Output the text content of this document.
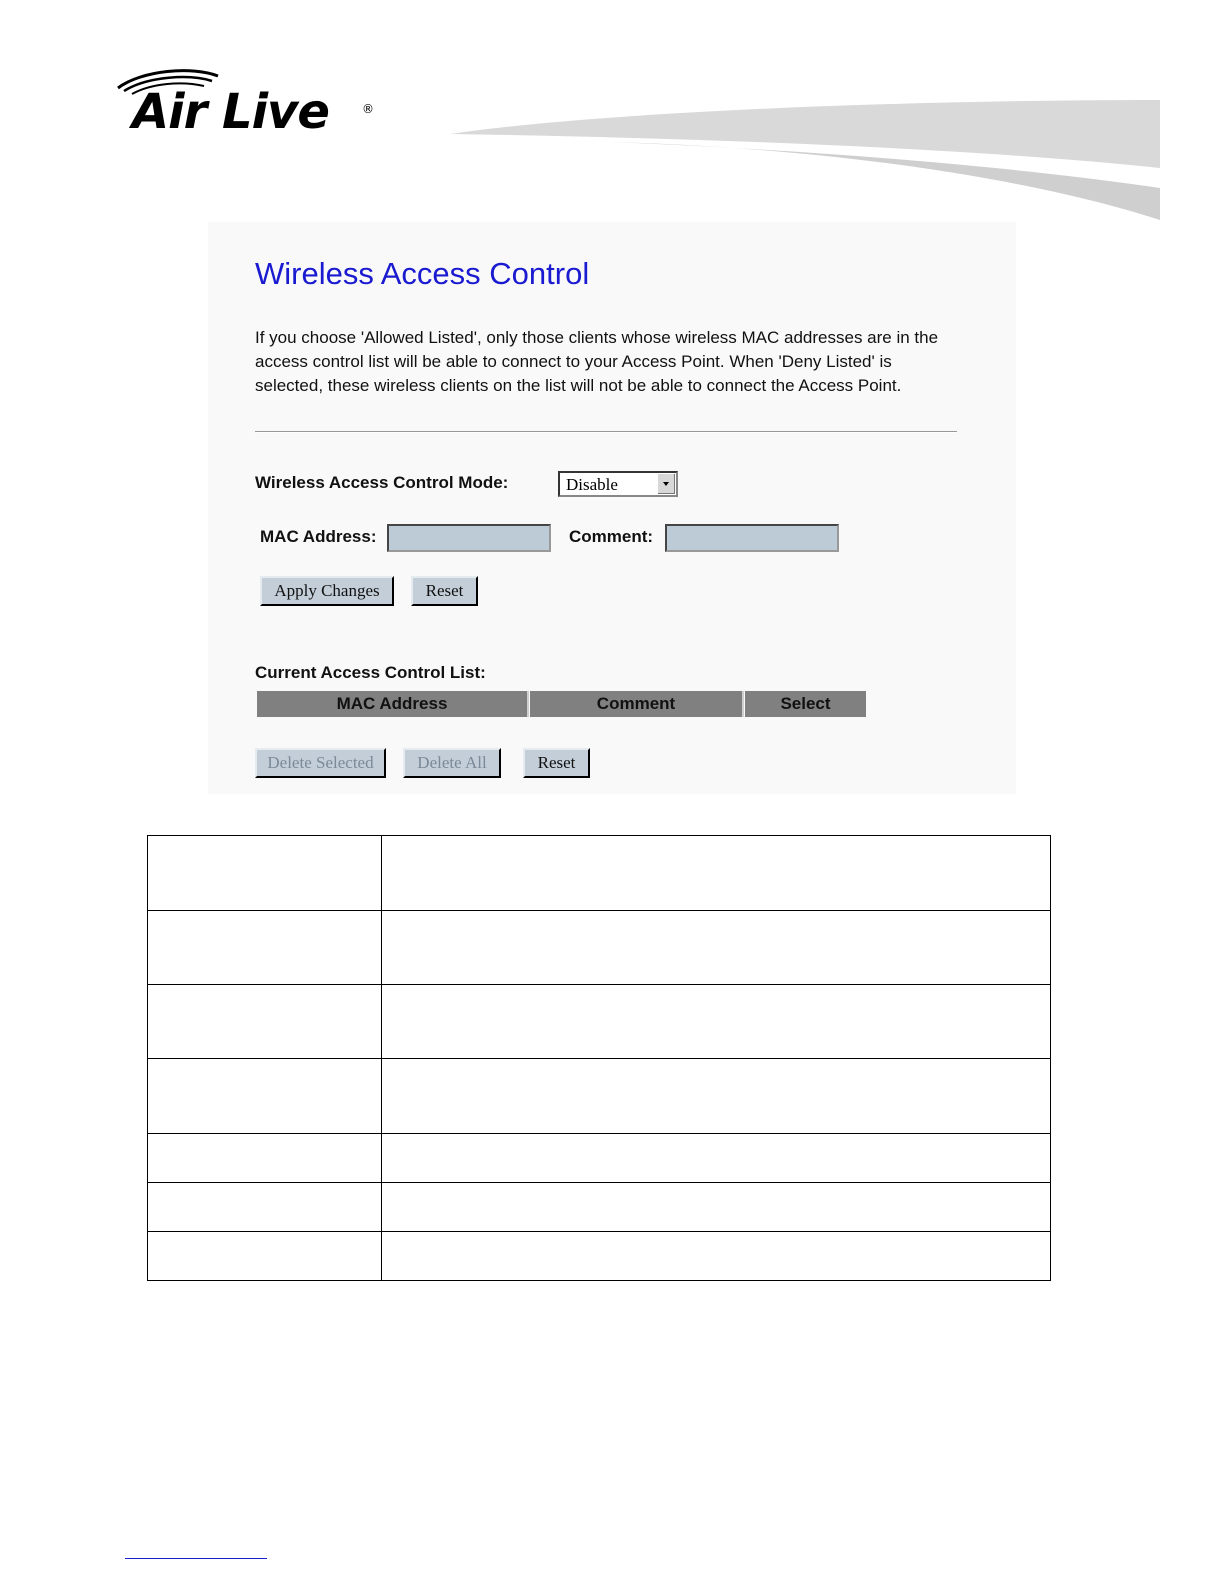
Air Live	®
Wireless Access Control
If you choose 'Allowed Listed', only those clients whose wireless MAC addresses are in the access control list will be able to connect to your Access Point. When 'Deny Listed' is selected, these wireless clients on the list will not be able to connect the Access Point.
Wireless Access Control Mode:	Disable
MAC Address:	Comment:
Apply Changes	Reset
Current Access Control List:
MAC Address	Comment	Select
Delete Selected	Delete All	Reset
